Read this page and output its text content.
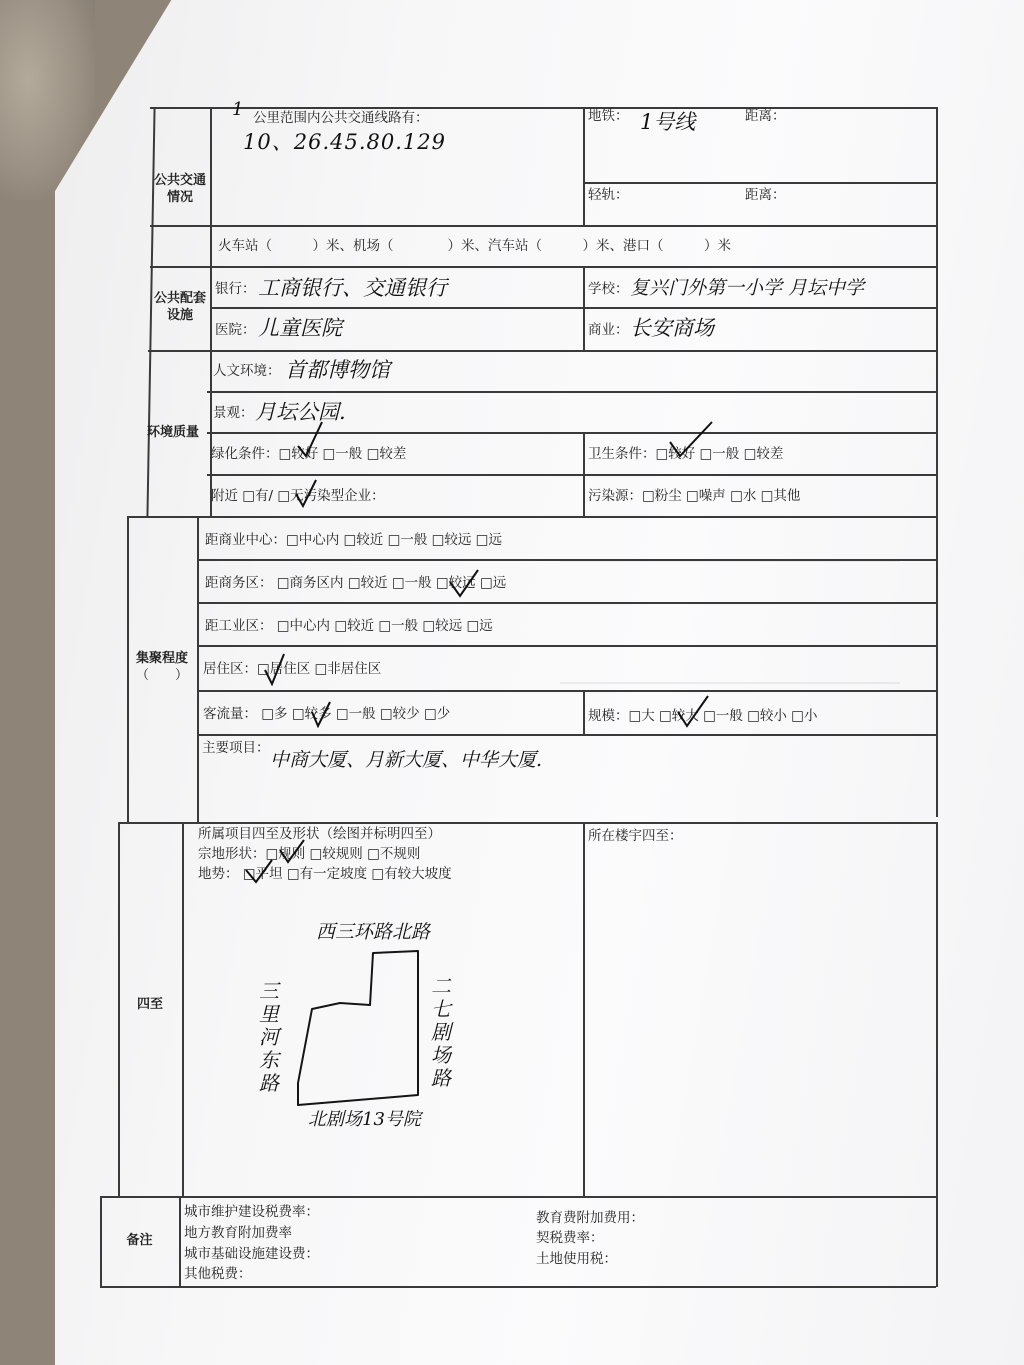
公共交通
情况
1 公里范围内公共交通线路有：
10、26.45.80.129
地铁： 1号线	距离：
轻轨：	距离：
火车站（　　　）米、机场（　　　　）米、汽车站（　　　）米、港口（　　　）米
公共配套
设施
银行： 工商银行、交通银行	学校： 复兴门外第一小学 月坛中学
医院： 儿童医院	商业： 长安商场
环境质量
人文环境： 首都博物馆
景观： 月坛公园.
绿化条件：□较好 □一般 □较差	卫生条件：□较好 □一般 □较差
附近 □有/ □无污染型企业：	污染源：□粉尘 □噪声 □水 □其他
集聚程度
（　　）
距商业中心：□中心内 □较近 □一般 □较远 □远
距商务区： □商务区内 □较近 □一般 □较远 □远
距工业区： □中心内 □较近 □一般 □较远 □远
居住区：□居住区 □非居住区
客流量： □多 □较多 □一般 □较少 □少	规模：□大 □较大 □一般 □较小 □小
主要项目：
中商大厦、月新大厦、中华大厦.
四至
所属项目四至及形状（绘图并标明四至）
宗地形状：□规则 □较规则 □不规则
地势： □平坦 □有一定坡度 □有较大坡度
所在楼宇四至：
西三环路北路
二七剧场路
北剧场13号院
三里河东路
备注
城市维护建设税费率：
地方教育附加费率
城市基础设施建设费：
其他税费：
教育费附加费用：
契税费率：
土地使用税：
